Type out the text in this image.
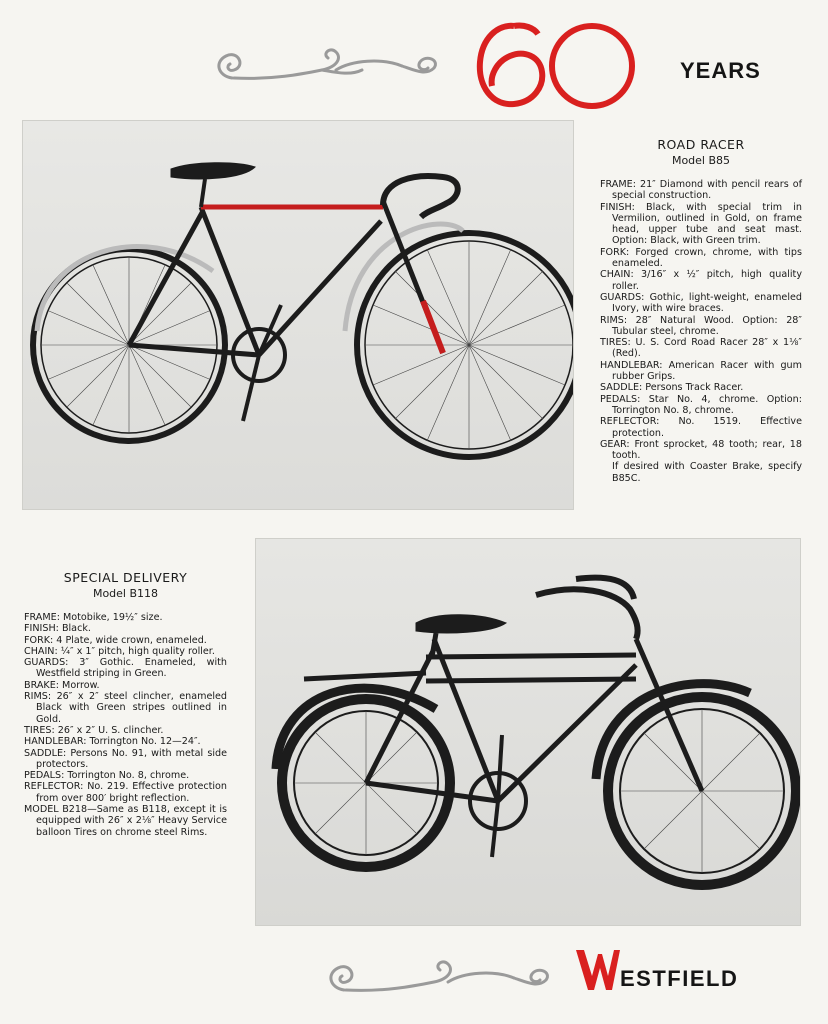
60
YEARS
ROAD RACER
Model B85

FRAME: 21″ Diamond with pencil rears of special construction.

FINISH: Black, with special trim in Vermilion, outlined in Gold, on frame head, upper tube and seat mast. Option: Black, with Green trim.

FORK: Forged crown, chrome, with tips enameled.

CHAIN: 3/16″ x ½″ pitch, high quality roller.

GUARDS: Gothic, light-weight, enameled Ivory, with wire braces.

RIMS: 28″ Natural Wood. Option: 28″ Tubular steel, chrome.

TIRES: U. S. Cord Road Racer 28″ x 1⅛″ (Red).

HANDLEBAR: American Racer with gum rubber Grips.

SADDLE: Persons Track Racer.

PEDALS: Star No. 4, chrome. Option: Torrington No. 8, chrome.

REFLECTOR: No. 1519. Effective protection.

GEAR: Front sprocket, 48 tooth; rear, 18 tooth.

If desired with Coaster Brake, specify B85C.

SPECIAL DELIVERY
Model B118

FRAME: Motobike, 19½″ size.

FINISH: Black.

FORK: 4 Plate, wide crown, enameled.

CHAIN: ¼″ x 1″ pitch, high quality roller.

GUARDS: 3″ Gothic. Enameled, with Westfield striping in Green.

BRAKE: Morrow.

RIMS: 26″ x 2″ steel clincher, enameled Black with Green stripes outlined in Gold.

TIRES: 26″ x 2″ U. S. clincher.

HANDLEBAR: Torrington No. 12—24″.

SADDLE: Persons No. 91, with metal side protectors.

PEDALS: Torrington No. 8, chrome.

REFLECTOR: No. 219. Effective protection from over 800′ bright reflection.

MODEL B218—Same as B118, except it is equipped with 26″ x 2⅛″ Heavy Service balloon Tires on chrome steel Rims.

W
ESTFIELD
